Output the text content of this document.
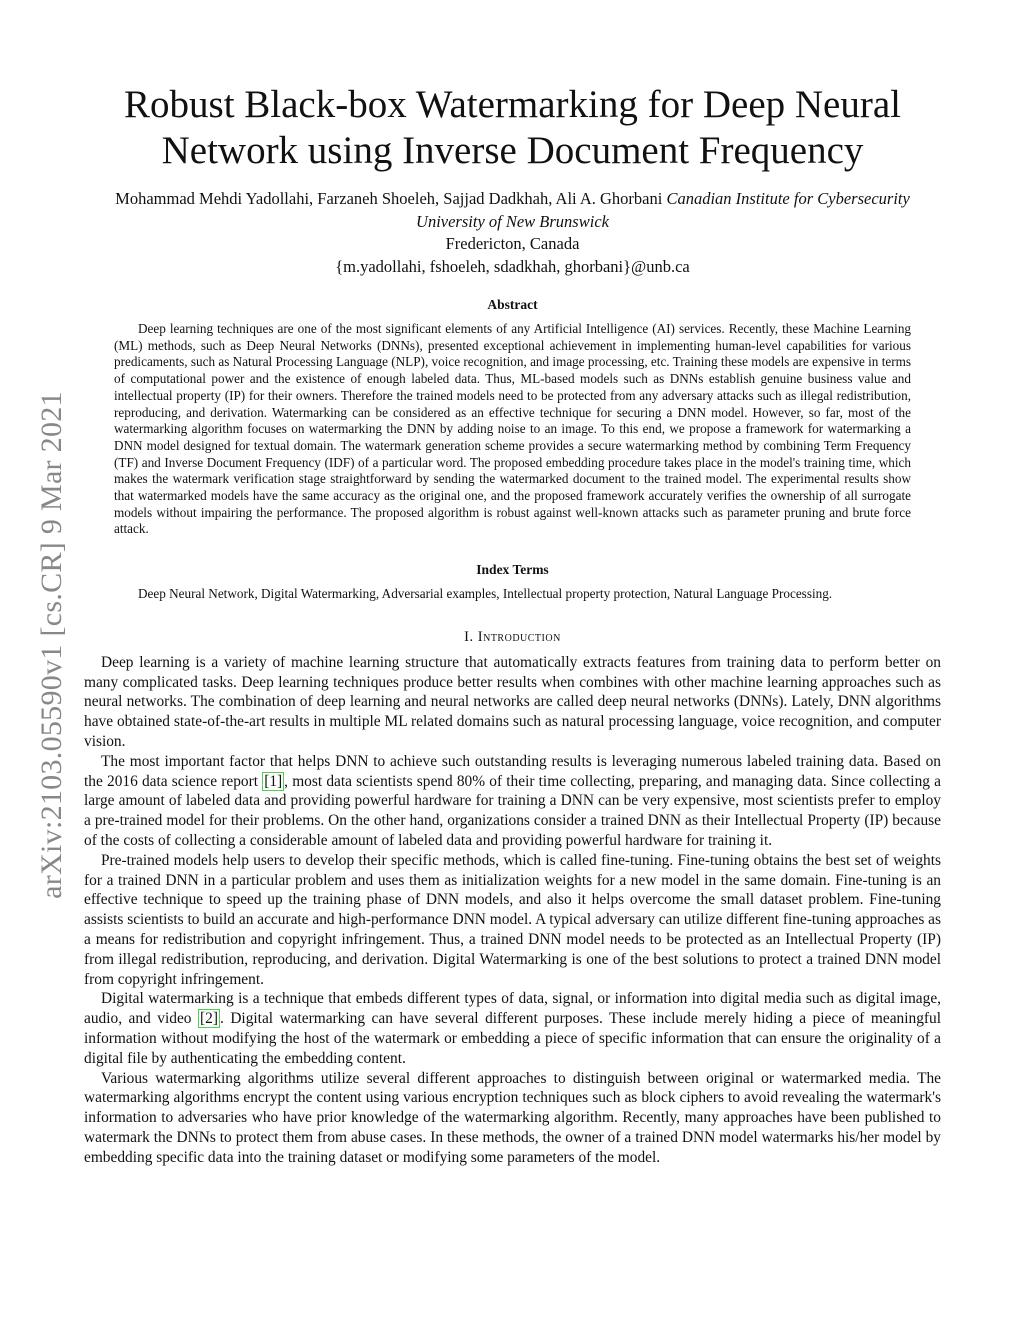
arXiv:2103.05590v1 [cs.CR] 9 Mar 2021
Robust Black-box Watermarking for Deep Neural Network using Inverse Document Frequency
Mohammad Mehdi Yadollahi, Farzaneh Shoeleh, Sajjad Dadkhah, Ali A. Ghorbani Canadian Institute for Cybersecurity
University of New Brunswick
Fredericton, Canada
{m.yadollahi, fshoeleh, sdadkhah, ghorbani}@unb.ca
Abstract

Deep learning techniques are one of the most significant elements of any Artificial Intelligence (AI) services. Recently, these Machine Learning (ML) methods, such as Deep Neural Networks (DNNs), presented exceptional achievement in implementing human-level capabilities for various predicaments, such as Natural Processing Language (NLP), voice recognition, and image processing, etc. Training these models are expensive in terms of computational power and the existence of enough labeled data. Thus, ML-based models such as DNNs establish genuine business value and intellectual property (IP) for their owners. Therefore the trained models need to be protected from any adversary attacks such as illegal redistribution, reproducing, and derivation. Watermarking can be considered as an effective technique for securing a DNN model. However, so far, most of the watermarking algorithm focuses on watermarking the DNN by adding noise to an image. To this end, we propose a framework for watermarking a DNN model designed for textual domain. The watermark generation scheme provides a secure watermarking method by combining Term Frequency (TF) and Inverse Document Frequency (IDF) of a particular word. The proposed embedding procedure takes place in the model's training time, which makes the watermark verification stage straightforward by sending the watermarked document to the trained model. The experimental results show that watermarked models have the same accuracy as the original one, and the proposed framework accurately verifies the ownership of all surrogate models without impairing the performance. The proposed algorithm is robust against well-known attacks such as parameter pruning and brute force attack.

Index Terms

Deep Neural Network, Digital Watermarking, Adversarial examples, Intellectual property protection, Natural Language Processing.

I. Introduction

Deep learning is a variety of machine learning structure that automatically extracts features from training data to perform better on many complicated tasks. Deep learning techniques produce better results when combines with other machine learning approaches such as neural networks. The combination of deep learning and neural networks are called deep neural networks (DNNs). Lately, DNN algorithms have obtained state-of-the-art results in multiple ML related domains such as natural processing language, voice recognition, and computer vision.

The most important factor that helps DNN to achieve such outstanding results is leveraging numerous labeled training data. Based on the 2016 data science report [1] , most data scientists spend 80% of their time collecting, preparing, and managing data. Since collecting a large amount of labeled data and providing powerful hardware for training a DNN can be very expensive, most scientists prefer to employ a pre-trained model for their problems. On the other hand, organizations consider a trained DNN as their Intellectual Property (IP) because of the costs of collecting a considerable amount of labeled data and providing powerful hardware for training it.

Pre-trained models help users to develop their specific methods, which is called fine-tuning. Fine-tuning obtains the best set of weights for a trained DNN in a particular problem and uses them as initialization weights for a new model in the same domain. Fine-tuning is an effective technique to speed up the training phase of DNN models, and also it helps overcome the small dataset problem. Fine-tuning assists scientists to build an accurate and high-performance DNN model. A typical adversary can utilize different fine-tuning approaches as a means for redistribution and copyright infringement. Thus, a trained DNN model needs to be protected as an Intellectual Property (IP) from illegal redistribution, reproducing, and derivation. Digital Watermarking is one of the best solutions to protect a trained DNN model from copyright infringement.

Digital watermarking is a technique that embeds different types of data, signal, or information into digital media such as digital image, audio, and video [2] . Digital watermarking can have several different purposes. These include merely hiding a piece of meaningful information without modifying the host of the watermark or embedding a piece of specific information that can ensure the originality of a digital file by authenticating the embedding content.

Various watermarking algorithms utilize several different approaches to distinguish between original or watermarked media. The watermarking algorithms encrypt the content using various encryption techniques such as block ciphers to avoid revealing the watermark's information to adversaries who have prior knowledge of the watermarking algorithm. Recently, many approaches have been published to watermark the DNNs to protect them from abuse cases. In these methods, the owner of a trained DNN model watermarks his/her model by embedding specific data into the training dataset or modifying some parameters of the model.
